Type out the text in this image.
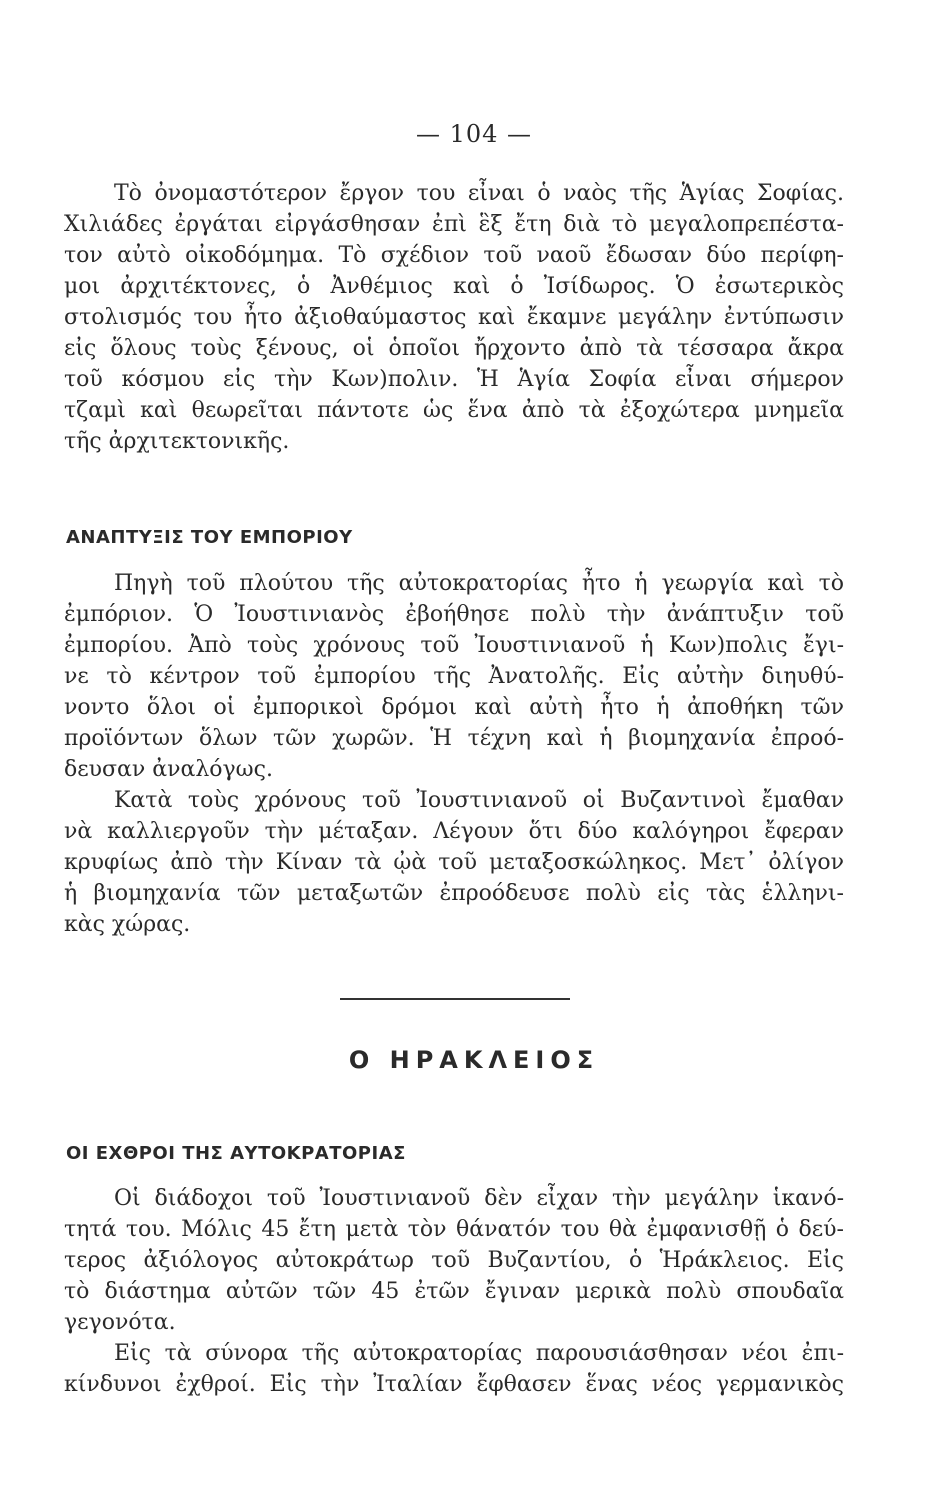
— 104 —
Τὸ ὀνομαστότερον ἔργον του εἶναι ὁ ναὸς τῆς Ἁγίας Σοφίας.
Χιλιάδες ἐργάται εἰργάσθησαν ἐπὶ ἓξ ἔτη διὰ τὸ μεγαλοπρεπέστα-
τον αὐτὸ οἰκοδόμημα. Τὸ σχέδιον τοῦ ναοῦ ἔδωσαν δύο περίφη-
μοι ἀρχιτέκτονες, ὁ Ἀνθέμιος καὶ ὁ Ἰσίδωρος. Ὁ ἐσωτερικὸς
στολισμός του ἦτο ἀξιοθαύμαστος καὶ ἔκαμνε μεγάλην ἐντύπωσιν
εἰς ὅλους τοὺς ξένους, οἱ ὁποῖοι ἤρχοντο ἀπὸ τὰ τέσσαρα ἄκρα
τοῦ κόσμου εἰς τὴν Κων)πολιν. Ἡ Ἁγία Σοφία εἶναι σήμερον
τζαμὶ καὶ θεωρεῖται πάντοτε ὡς ἕνα ἀπὸ τὰ ἐξοχώτερα μνημεῖα
τῆς ἀρχιτεκτονικῆς.
ΑΝΑΠΤΥΞΙΣ ΤΟΥ ΕΜΠΟΡΙΟΥ
Πηγὴ τοῦ πλούτου τῆς αὐτοκρατορίας ἦτο ἡ γεωργία καὶ τὸ
ἐμπόριον. Ὁ Ἰουστινιανὸς ἐβοήθησε πολὺ τὴν ἀνάπτυξιν τοῦ
ἐμπορίου. Ἀπὸ τοὺς χρόνους τοῦ Ἰουστινιανοῦ ἡ Κων)πολις ἔγι-
νε τὸ κέντρον τοῦ ἐμπορίου τῆς Ἀνατολῆς. Εἰς αὐτὴν διηυθύ-
νοντο ὅλοι οἱ ἐμπορικοὶ δρόμοι καὶ αὐτὴ ἦτο ἡ ἀποθήκη τῶν
προϊόντων ὅλων τῶν χωρῶν. Ἡ τέχνη καὶ ἡ βιομηχανία ἐπροό-
δευσαν ἀναλόγως.
Κατὰ τοὺς χρόνους τοῦ Ἰουστινιανοῦ οἱ Βυζαντινοὶ ἔμαθαν
νὰ καλλιεργοῦν τὴν μέταξαν. Λέγουν ὅτι δύο καλόγηροι ἔφεραν
κρυφίως ἀπὸ τὴν Κίναν τὰ ᾠὰ τοῦ μεταξοσκώληκος. Μετ᾽ ὀλίγον
ἡ βιομηχανία τῶν μεταξωτῶν ἐπροόδευσε πολὺ εἰς τὰς ἑλληνι-
κὰς χώρας.
Ο ΗΡΑΚΛΕΙΟΣ
ΟΙ ΕΧΘΡΟΙ ΤΗΣ ΑΥΤΟΚΡΑΤΟΡΙΑΣ
Οἱ διάδοχοι τοῦ Ἰουστινιανοῦ δὲν εἶχαν τὴν μεγάλην ἱκανό-
τητά του. Μόλις 45 ἔτη μετὰ τὸν θάνατόν του θὰ ἐμφανισθῇ ὁ δεύ-
τερος ἀξιόλογος αὐτοκράτωρ τοῦ Βυζαντίου, ὁ Ἡράκλειος. Εἰς
τὸ διάστημα αὐτῶν τῶν 45 ἐτῶν ἔγιναν μερικὰ πολὺ σπουδαῖα
γεγονότα.
Εἰς τὰ σύνορα τῆς αὐτοκρατορίας παρουσιάσθησαν νέοι ἐπι-
κίνδυνοι ἐχθροί. Εἰς τὴν Ἰταλίαν ἔφθασεν ἕνας νέος γερμανικὸς
